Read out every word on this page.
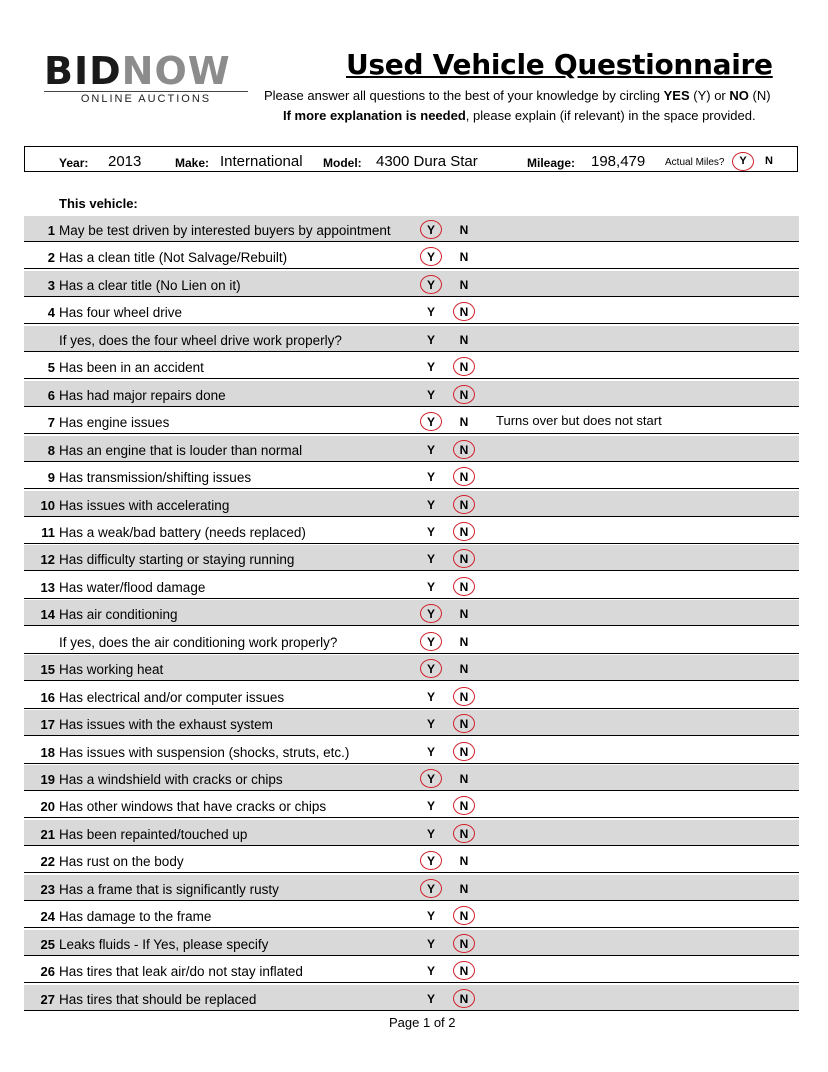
BIDNOW
ONLINE AUCTIONS
Used Vehicle Questionnaire
Please answer all questions to the best of your knowledge by circling YES (Y) or NO (N)
If more explanation is needed, please explain (if relevant) in the space provided.
Year: 2013	Make: International Model: 4300 Dura Star	Mileage: 198,479 Actual Miles?	Y	N
This vehicle:
1 May be test driven by interested buyers by appointment	Y	N
2 Has a clean title (Not Salvage/Rebuilt)	Y	N
3 Has a clear title (No Lien on it)	Y	N
4 Has four wheel drive	Y	N
If yes, does the four wheel drive work properly?	Y	N
5 Has been in an accident	Y	N
6 Has had major repairs done	Y	N
7 Has engine issues	Y	N	Turns over but does not start
8 Has an engine that is louder than normal	Y	N
9 Has transmission/shifting issues	Y	N
10 Has issues with accelerating	Y	N
11 Has a weak/bad battery (needs replaced)	Y	N
12 Has difficulty starting or staying running	Y	N
13 Has water/flood damage	Y	N
14 Has air conditioning	Y	N
If yes, does the air conditioning work properly?	Y	N
15 Has working heat	Y	N
16 Has electrical and/or computer issues	Y	N
17 Has issues with the exhaust system	Y	N
18 Has issues with suspension (shocks, struts, etc.)	Y	N
19 Has a windshield with cracks or chips	Y	N
20 Has other windows that have cracks or chips	Y	N
21 Has been repainted/touched up	Y	N
22 Has rust on the body	Y	N
23 Has a frame that is significantly rusty	Y	N
24 Has damage to the frame	Y	N
25 Leaks fluids - If Yes, please specify	Y	N
26 Has tires that leak air/do not stay inflated	Y	N
27 Has tires that should be replaced	Y	N
Page 1 of 2
